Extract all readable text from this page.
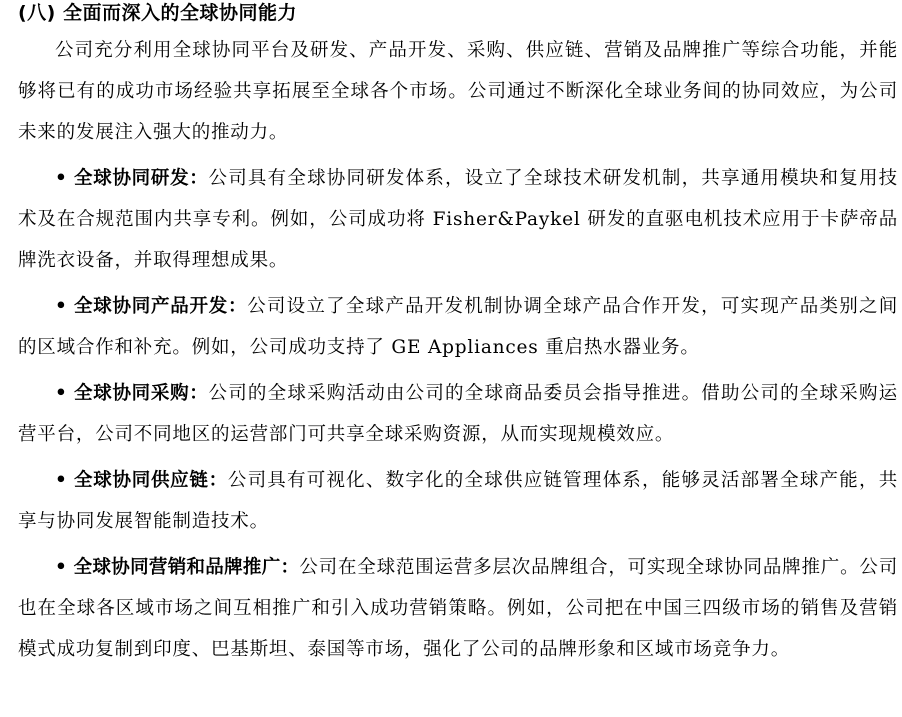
(八) 全面而深入的全球协同能力

公司充分利用全球协同平台及研发、产品开发、采购、供应链、营销及品牌推广等综合功能，并能够将已有的成功市场经验共享拓展至全球各个市场。公司通过不断深化全球业务间的协同效应，为公司未来的发展注入强大的推动力。

• 全球协同研发：公司具有全球协同研发体系，设立了全球技术研发机制，共享通用模块和复用技术及在合规范围内共享专利。例如，公司成功将 Fisher&Paykel 研发的直驱电机技术应用于卡萨帝品牌洗衣设备，并取得理想成果。

• 全球协同产品开发：公司设立了全球产品开发机制协调全球产品合作开发，可实现产品类别之间的区域合作和补充。例如，公司成功支持了 GE Appliances 重启热水器业务。

• 全球协同采购：公司的全球采购活动由公司的全球商品委员会指导推进。借助公司的全球采购运营平台，公司不同地区的运营部门可共享全球采购资源，从而实现规模效应。

• 全球协同供应链：公司具有可视化、数字化的全球供应链管理体系，能够灵活部署全球产能，共享与协同发展智能制造技术。

• 全球协同营销和品牌推广：公司在全球范围运营多层次品牌组合，可实现全球协同品牌推广。公司也在全球各区域市场之间互相推广和引入成功营销策略。例如，公司把在中国三四级市场的销售及营销模式成功复制到印度、巴基斯坦、泰国等市场，强化了公司的品牌形象和区域市场竞争力。
